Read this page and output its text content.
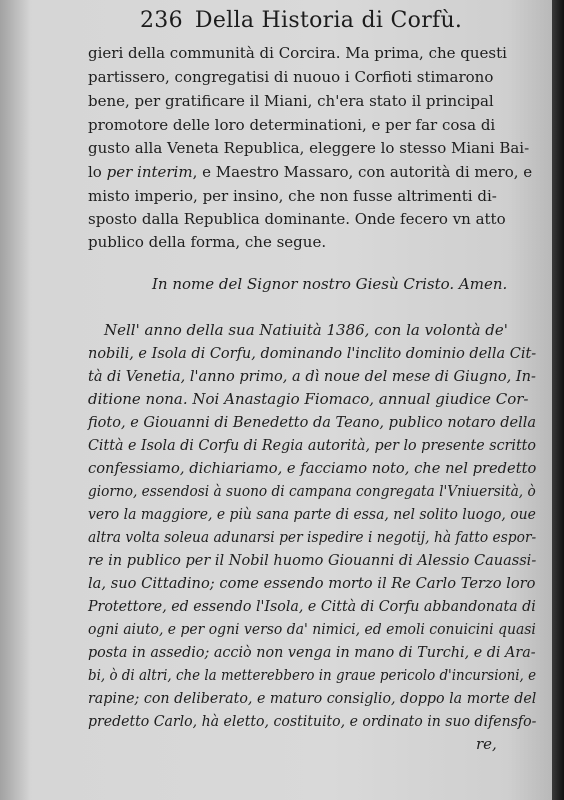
236 Della Historia di Corfù.
gieri della communità di Corcira. Ma prima, che questi
partissero, congregatisi di nuouo i Corfioti stimarono
bene, per gratificare il Miani, ch'era stato il principal
promotore delle loro determinationi, e per far cosa di
gusto alla Veneta Republica, eleggere lo stesso Miani Bai-
lo per interim, e Maestro Massaro, con autorità di mero, e
misto imperio, per insino, che non fusse altrimenti di-
sposto dalla Republica dominante. Onde fecero vn atto
publico della forma, che segue.
In nome del Signor nostro Giesù Cristo. Amen.
Nell' anno della sua Natiuità 1386, con la volontà de'
nobili, e Isola di Corfu, dominando l'inclito dominio della Cit-
tà di Venetia, l'anno primo, a dì noue del mese di Giugno, In-
ditione nona. Noi Anastagio Fiomaco, annual giudice Cor-
fioto, e Giouanni di Benedetto da Teano, publico notaro della
Città e Isola di Corfu di Regia autorità, per lo presente scritto
confessiamo, dichiariamo, e facciamo noto, che nel predetto
giorno, essendosi à suono di campana congregata l'Vniuersità, ò
vero la maggiore, e più sana parte di essa, nel solito luogo, oue
altra volta soleua adunarsi per ispedire i negotij, hà fatto espor-
re in publico per il Nobil huomo Giouanni di Alessio Cauassi-
la, suo Cittadino; come essendo morto il Re Carlo Terzo loro
Protettore, ed essendo l'Isola, e Città di Corfu abbandonata di
ogni aiuto, e per ogni verso da' nimici, ed emoli conuicini quasi
posta in assedio; acciò non venga in mano di Turchi, e di Ara-
bi, ò di altri, che la metterebbero in graue pericolo d'incursioni, e
rapine; con deliberato, e maturo consiglio, doppo la morte del
predetto Carlo, hà eletto, costituito, e ordinato in suo difensfo-
re,
